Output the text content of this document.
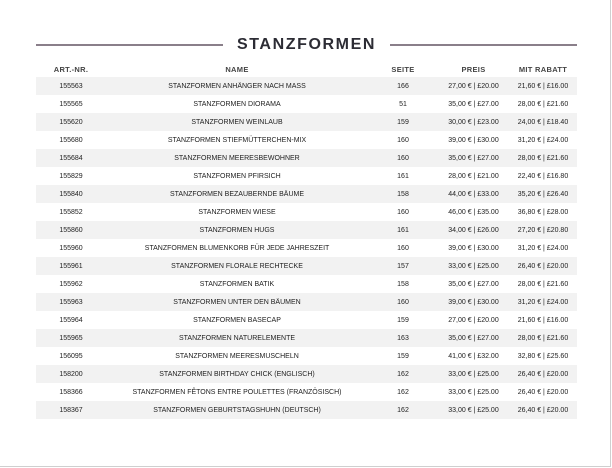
STANZFORMEN
ART.-NR.	NAME	SEITE	PREIS	MIT RABATT
155563	STANZFORMEN ANHÄNGER NACH MASS	166	27,00 € | £20.00	21,60 € | £16.00
155565	STANZFORMEN DIORAMA	51	35,00 € | £27.00	28,00 € | £21.60
155620	STANZFORMEN WEINLAUB	159	30,00 € | £23.00	24,00 € | £18.40
155680	STANZFORMEN STIEFMÜTTERCHEN-MIX	160	39,00 € | £30.00	31,20 € | £24.00
155684	STANZFORMEN MEERESBEWOHNER	160	35,00 € | £27.00	28,00 € | £21.60
155829	STANZFORMEN PFIRSICH	161	28,00 € | £21.00	22,40 € | £16.80
155840	STANZFORMEN BEZAUBERNDE BÄUME	158	44,00 € | £33.00	35,20 € | £26.40
155852	STANZFORMEN WIESE	160	46,00 € | £35.00	36,80 € | £28.00
155860	STANZFORMEN HUGS	161	34,00 € | £26.00	27,20 € | £20.80
155960	STANZFORMEN BLUMENKORB FÜR JEDE JAHRESZEIT	160	39,00 € | £30.00	31,20 € | £24.00
155961	STANZFORMEN FLORALE RECHTECKE	157	33,00 € | £25.00	26,40 € | £20.00
155962	STANZFORMEN BATIK	158	35,00 € | £27.00	28,00 € | £21.60
155963	STANZFORMEN UNTER DEN BÄUMEN	160	39,00 € | £30.00	31,20 € | £24.00
155964	STANZFORMEN BASECAP	159	27,00 € | £20.00	21,60 € | £16.00
155965	STANZFORMEN NATURELEMENTE	163	35,00 € | £27.00	28,00 € | £21.60
156095	STANZFORMEN MEERESMUSCHELN	159	41,00 € | £32.00	32,80 € | £25.60
158200	STANZFORMEN BIRTHDAY CHICK (ENGLISCH)	162	33,00 € | £25.00	26,40 € | £20.00
158366	STANZFORMEN FÊTONS ENTRE POULETTES (FRANZÖSISCH)	162	33,00 € | £25.00	26,40 € | £20.00
158367	STANZFORMEN GEBURTSTAGSHUHN (DEUTSCH)	162	33,00 € | £25.00	26,40 € | £20.00
